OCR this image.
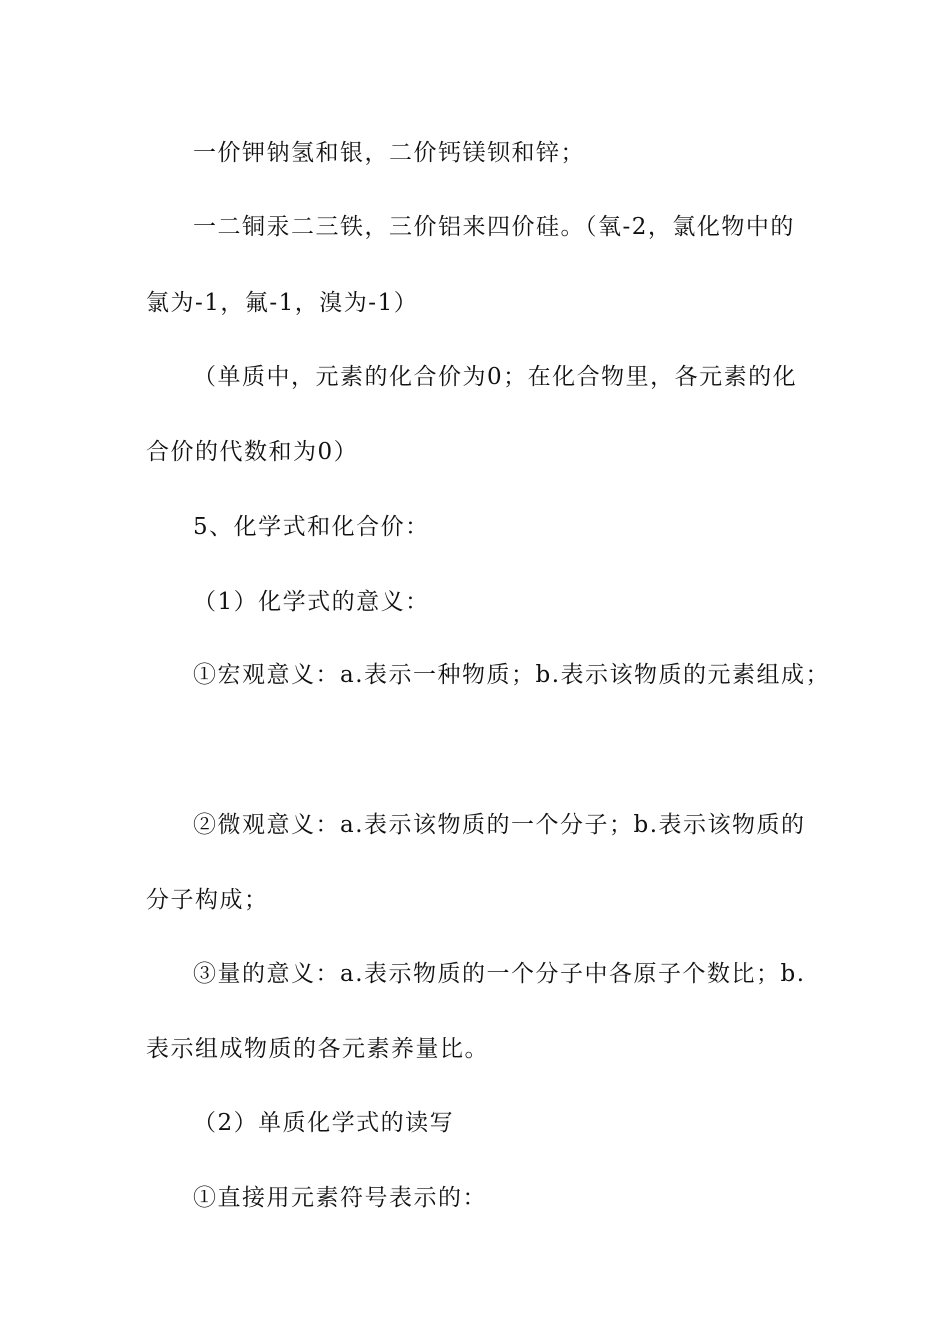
一价钾钠氢和银，二价钙镁钡和锌；
一二铜汞二三铁，三价铝来四价硅。（氧-2，氯化物中的
氯为-1，氟-1，溴为-1）
（单质中，元素的化合价为0；在化合物里，各元素的化
合价的代数和为0）
5、化学式和化合价：
（1）化学式的意义：
①宏观意义：a.表示一种物质；b.表示该物质的元素组成；
②微观意义：a.表示该物质的一个分子；b.表示该物质的
分子构成；
③量的意义：a.表示物质的一个分子中各原子个数比；b.
表示组成物质的各元素养量比。
（2）单质化学式的读写
①直接用元素符号表示的：
